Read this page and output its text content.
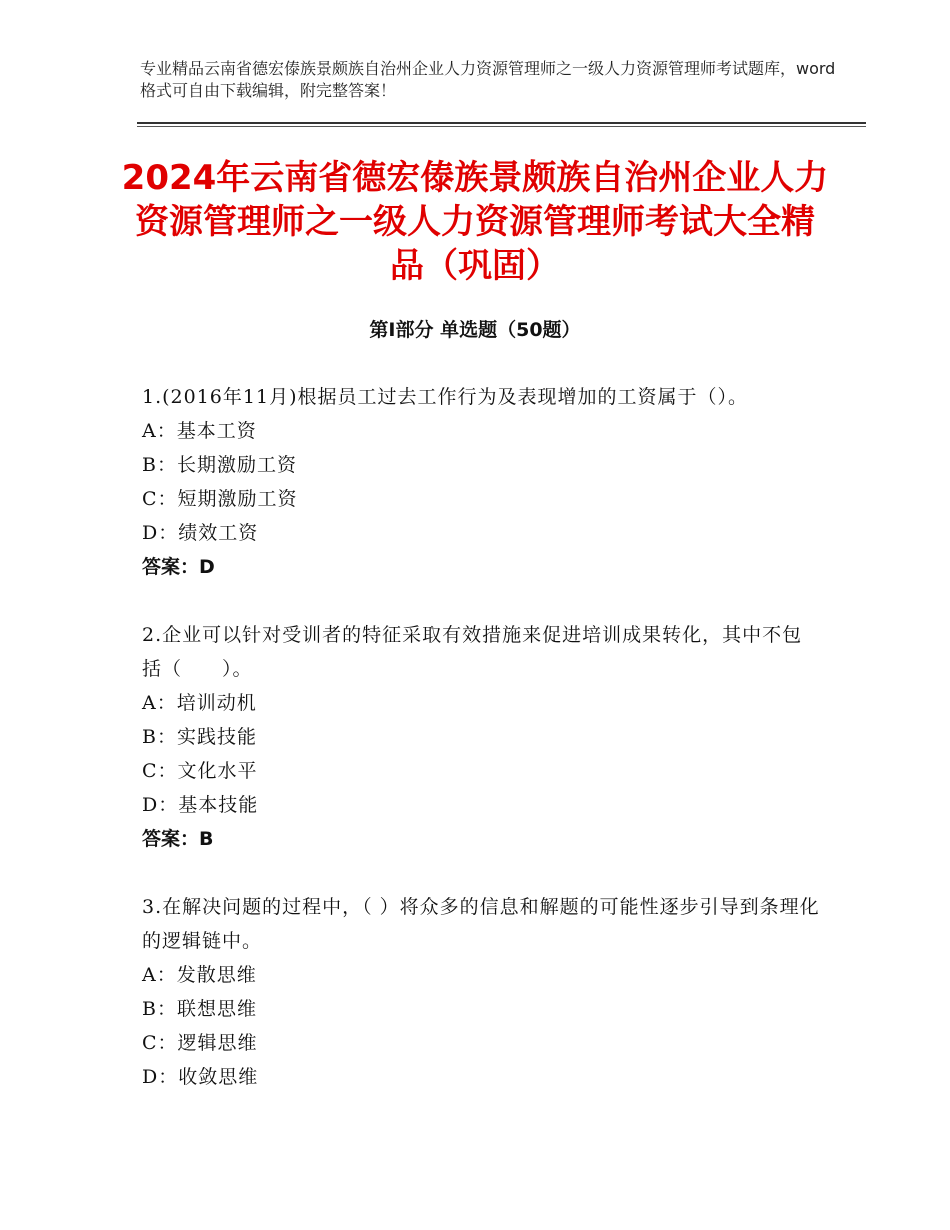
专业精品云南省德宏傣族景颇族自治州企业人力资源管理师之一级人力资源管理师考试题库，word格式可自由下载编辑，附完整答案！
2024年云南省德宏傣族景颇族自治州企业人力资源管理师之一级人力资源管理师考试大全精品（巩固）
第Ⅰ部分 单选题（50题）
1.(2016年11月)根据员工过去工作行为及表现增加的工资属于（）。
A：基本工资
B：长期激励工资
C：短期激励工资
D：绩效工资
答案：D
2.企业可以针对受训者的特征采取有效措施来促进培训成果转化，其中不包括（　　）。
A：培训动机
B：实践技能
C：文化水平
D：基本技能
答案：B
3.在解决问题的过程中，（ ）将众多的信息和解题的可能性逐步引导到条理化的逻辑链中。
A：发散思维
B：联想思维
C：逻辑思维
D：收敛思维
